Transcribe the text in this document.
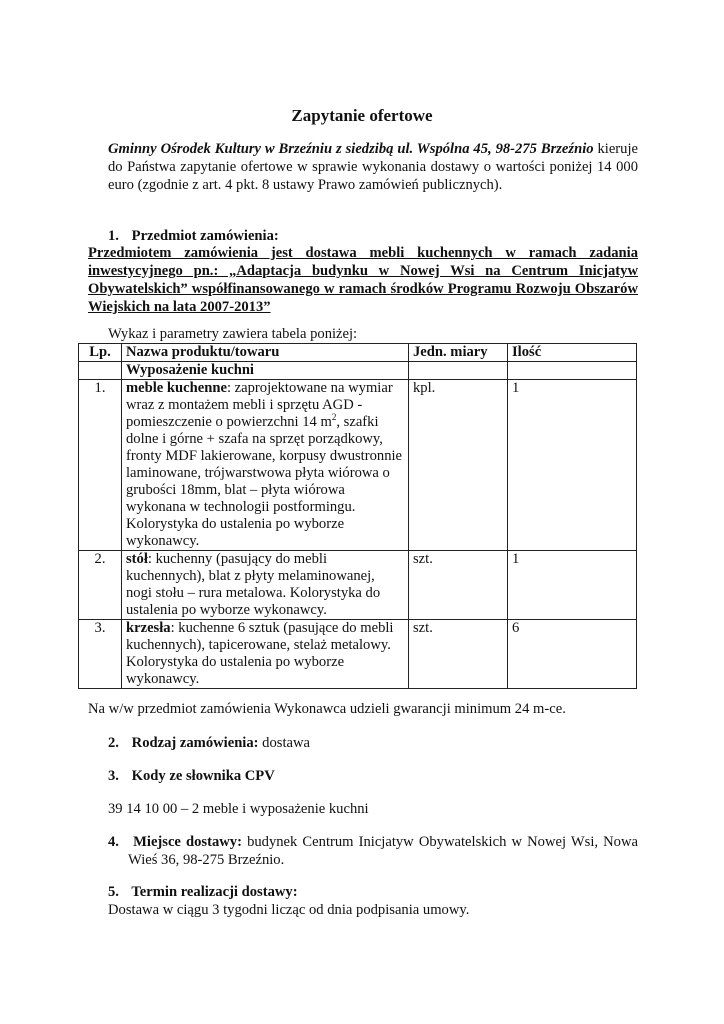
Zapytanie ofertowe
Gminny Ośrodek Kultury w Brzeźniu z siedzibą ul. Wspólna 45, 98-275 Brzeźnio kieruje do Państwa zapytanie ofertowe w sprawie wykonania dostawy o wartości poniżej 14 000 euro (zgodnie z art. 4 pkt. 8 ustawy Prawo zamówień publicznych).
1. Przedmiot zamówienia:
Przedmiotem zamówienia jest dostawa mebli kuchennych w ramach zadania inwestycyjnego pn.: „Adaptacja budynku w Nowej Wsi na Centrum Inicjatyw Obywatelskich” współfinansowanego w ramach środków Programu Rozwoju Obszarów
Wiejskich na lata 2007-2013”
Wykaz i parametry zawiera tabela poniżej:
Lp.	Nazwa produktu/towaru	Jedn. miary	Ilość
	Wyposażenie kuchni		
1.	meble kuchenne: zaprojektowane na wymiar wraz z montażem mebli i sprzętu AGD - pomieszczenie o powierzchni 14 $m^2$, szafki dolne i górne + szafa na sprzęt porządkowy, fronty MDF lakierowane, korpusy dwustronnie laminowane, trójwarstwowa płyta wiórowa o grubości 18mm, blat – płyta wiórowa wykonana w technologii postformingu. Kolorystyka do ustalenia po wyborze wykonawcy.	kpl.	1
2.	stół: kuchenny (pasujący do mebli kuchennych), blat z płyty melaminowanej, nogi stołu – rura metalowa. Kolorystyka do ustalenia po wyborze wykonawcy.	szt.	1
3.	krzesła: kuchenne 6 sztuk (pasujące do mebli kuchennych), tapicerowane, stelaż metalowy. Kolorystyka do ustalenia po wyborze wykonawcy.	szt.	6
Na w/w przedmiot zamówienia Wykonawca udzieli gwarancji minimum 24 m-ce.
2. Rodzaj zamówienia: dostawa
3. Kody ze słownika CPV
39 14 10 00 – 2 meble i wyposażenie kuchni
4. Miejsce dostawy: budynek Centrum Inicjatyw Obywatelskich w Nowej Wsi, Nowa
Wieś 36, 98-275 Brzeźnio.
5. Termin realizacji dostawy:
Dostawa w ciągu 3 tygodni licząc od dnia podpisania umowy.
